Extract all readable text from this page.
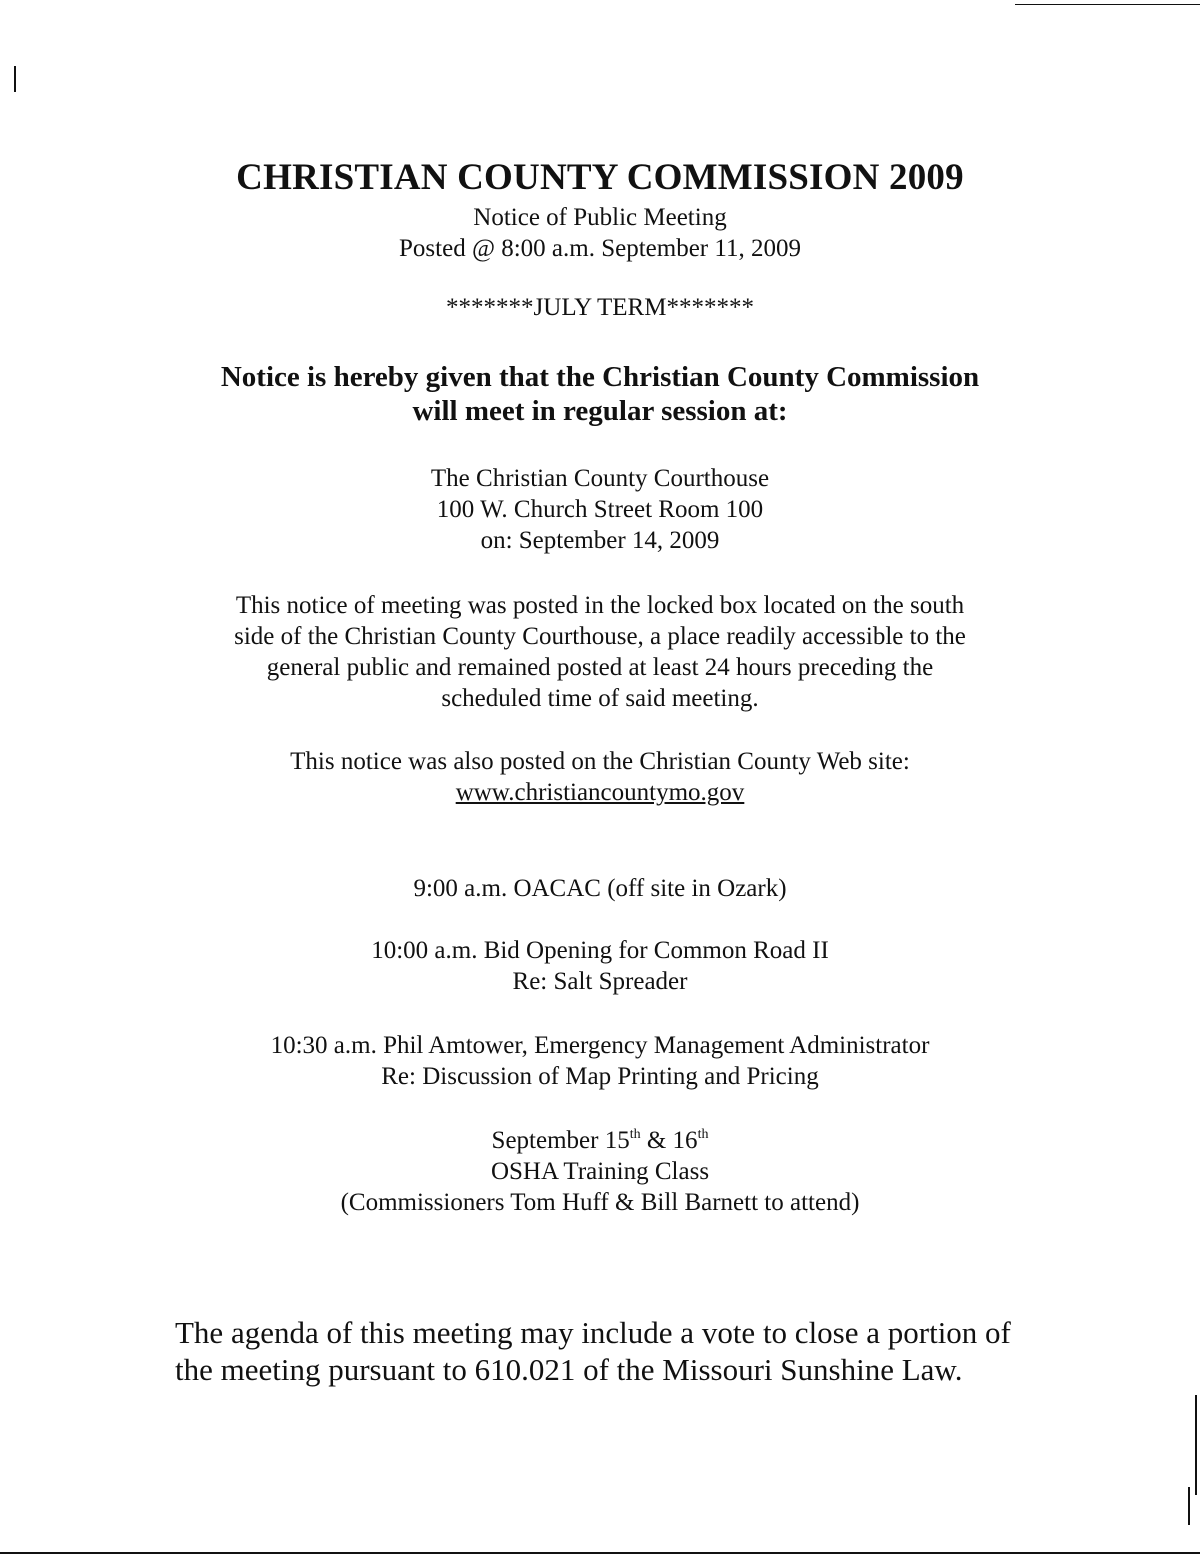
CHRISTIAN COUNTY COMMISSION 2009
Notice of Public Meeting
Posted @ 8:00 a.m. September 11, 2009
*******JULY TERM*******
Notice is hereby given that the Christian County Commission
will meet in regular session at:
The Christian County Courthouse
100 W. Church Street Room 100
on: September 14, 2009
This notice of meeting was posted in the locked box located on the south
side of the Christian County Courthouse, a place readily accessible to the
general public and remained posted at least 24 hours preceding the
scheduled time of said meeting.
This notice was also posted on the Christian County Web site:
www.christiancountymo.gov
9:00 a.m. OACAC (off site in Ozark)
10:00 a.m. Bid Opening for Common Road II
Re: Salt Spreader
10:30 a.m. Phil Amtower, Emergency Management Administrator
Re: Discussion of Map Printing and Pricing
September 15th & 16th
OSHA Training Class
(Commissioners Tom Huff & Bill Barnett to attend)
The agenda of this meeting may include a vote to close a portion of
the meeting pursuant to 610.021 of the Missouri Sunshine Law.
